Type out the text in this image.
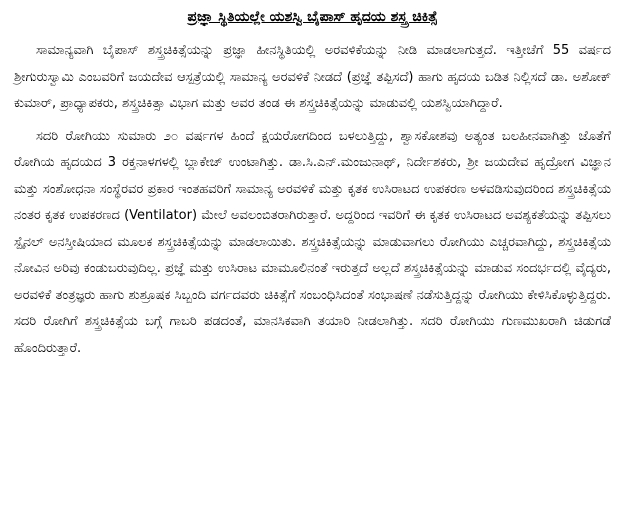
ಪ್ರಜ್ಞಾ ಸ್ಥಿತಿಯಲ್ಲೇ ಯಶಸ್ವಿ ಬೈಪಾಸ್ ಹೃದಯ ಶಸ್ತ್ರ ಚಿಕಿತ್ಸೆ

ಸಾಮಾನ್ಯವಾಗಿ ಬೈಪಾಸ್ ಶಸ್ತ್ರಚಿಕಿತ್ಸೆಯನ್ನು ಪ್ರಜ್ಞಾ ಹೀನಸ್ಥಿತಿಯಲ್ಲಿ ಅರವಳಿಕೆಯನ್ನು ನೀಡಿ ಮಾಡಲಾಗುತ್ತದೆ. ಇತ್ತೀಚೆಗೆ 55 ವರ್ಷದ ಶ್ರೀಗುರುಸ್ವಾಮಿ ಎಂಬವರಿಗೆ ಜಯದೇವ ಆಸ್ಪತ್ರೆಯಲ್ಲಿ ಸಾಮಾನ್ಯ ಅರವಳಿಕೆ ನೀಡದೆ (ಪ್ರಜ್ಞೆ ತಪ್ಪಿಸದೆ) ಹಾಗು ಹೃದಯ ಬಡಿತ ನಿಲ್ಲಿಸದೆ ಡಾ. ಅಶೋಕ್ ಕುಮಾರ್, ಪ್ರಾಧ್ಯಾಪಕರು, ಶಸ್ತ್ರಚಿಕಿತ್ಸಾ ವಿಭಾಗ ಮತ್ತು ಅವರ ತಂಡ ಈ ಶಸ್ತ್ರಚಿಕಿತ್ಸೆಯನ್ನು ಮಾಡುವಲ್ಲಿ ಯಶಸ್ವಿಯಾಗಿದ್ದಾರೆ.

ಸದರಿ ರೋಗಿಯು ಸುಮಾರು ೨೦ ವರ್ಷಗಳ ಹಿಂದೆ ಕ್ಷಯರೋಗದಿಂದ ಬಳಲುತ್ತಿದ್ದು, ಶ್ವಾಸಕೋಶವು ಅತ್ಯಂತ ಬಲಹೀನವಾಗಿತ್ತು ಜೊತೆಗೆ ರೋಗಿಯ ಹೃದಯದ 3 ರಕ್ತನಾಳಗಳಲ್ಲಿ ಬ್ಲಾಕೇಜ್ ಉಂಟಾಗಿತ್ತು. ಡಾ.ಸಿ.ಎನ್.ಮಂಜುನಾಥ್, ನಿರ್ದೇಶಕರು, ಶ್ರೀ ಜಯದೇವ ಹೃದ್ರೋಗ ವಿಜ್ಞಾನ ಮತ್ತು ಸಂಶೋಧನಾ ಸಂಸ್ಥೆರವರ ಪ್ರಕಾರ ಇಂತಹವರಿಗೆ ಸಾಮಾನ್ಯ ಅರವಳಿಕೆ ಮತ್ತು ಕೃತಕ ಉಸಿರಾಟದ ಉಪಕರಣ ಅಳವಡಿಸುವುದರಿಂದ ಶಸ್ತ್ರಚಿಕಿತ್ಸೆಯ ನಂತರ ಕೃತಕ ಉಪಕರಣದ (Ventilator) ಮೇಲೆ ಅವಲಂಬಿತರಾಗಿರುತ್ತಾರೆ. ಅದ್ದರಿಂದ ಇವರಿಗೆ ಈ ಕೃತಕ ಉಸಿರಾಟದ ಅವಶ್ಯಕತೆಯನ್ನು ತಪ್ಪಿಸಲು ಸ್ಪೈನಲ್ ಅನಸ್ತೀಷಿಯಾದ ಮೂಲಕ ಶಸ್ತ್ರಚಿಕಿತ್ಸೆಯನ್ನು ಮಾಡಲಾಯಿತು. ಶಸ್ತ್ರಚಿಕಿತ್ಸೆಯನ್ನು ಮಾಡುವಾಗಲು ರೋಗಿಯು ಎಚ್ಚರವಾಗಿದ್ದು, ಶಸ್ತ್ರಚಿಕಿತ್ಸೆಯ ನೋವಿನ ಅರಿವು ಕಂಡುಬರುವುದಿಲ್ಲ. ಪ್ರಜ್ಞೆ ಮತ್ತು ಉಸಿರಾಟ ಮಾಮೂಲಿನಂತೆ ಇರುತ್ತದೆ ಅಲ್ಲದೆ ಶಸ್ತ್ರಚಿಕಿತ್ಸೆಯನ್ನು ಮಾಡುವ ಸಂದರ್ಭದಲ್ಲಿ ವೈದ್ಯರು, ಅರವಳಿಕೆ ತಂತ್ರಜ್ಞರು ಹಾಗು ಶುಶ್ರೂಷಕ ಸಿಬ್ಬಂದಿ ವರ್ಗದವರು ಚಿಕಿತ್ಸೆಗೆ ಸಂಬಂಧಿಸಿದಂತೆ ಸಂಭಾಷಣೆ ನಡೆಸುತ್ತಿದ್ದನ್ನು ರೋಗಿಯು ಕೇಳಿಸಿಕೊಳ್ಳುತ್ತಿದ್ದರು. ಸದರಿ ರೋಗಿಗೆ ಶಸ್ತ್ರಚಿಕಿತ್ಸೆಯ ಬಗ್ಗೆ ಗಾಬರಿ ಪಡದಂತೆ, ಮಾನಸಿಕವಾಗಿ ತಯಾರಿ ನೀಡಲಾಗಿತ್ತು. ಸದರಿ ರೋಗಿಯು ಗುಣಮುಖರಾಗಿ ಚಿಡುಗಡೆ ಹೊಂದಿರುತ್ತಾರೆ.
